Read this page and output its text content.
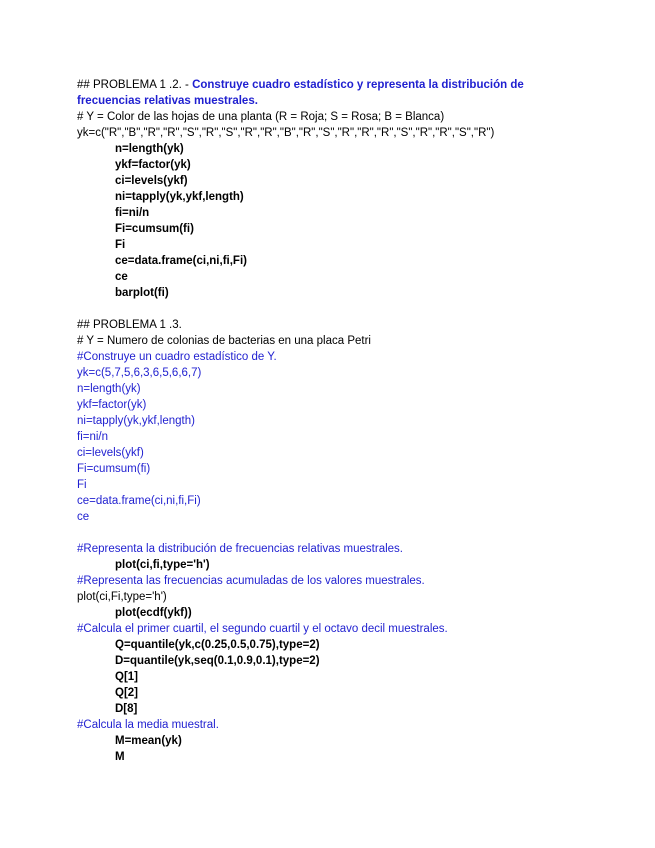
## PROBLEMA 1 .2. - Construye cuadro estadístico y representa la distribución de
frecuencias relativas muestrales.
# Y = Color de las hojas de una planta (R = Roja; S = Rosa; B = Blanca)
yk=c("R","B","R","R","S","R","S","R","R","B","R","S","R","R","R","S","R","R","S","R")
n=length(yk)
ykf=factor(yk)
ci=levels(ykf)
ni=tapply(yk,ykf,length)
fi=ni/n
Fi=cumsum(fi)
Fi
ce=data.frame(ci,ni,fi,Fi)
ce
barplot(fi)
## PROBLEMA 1 .3.
# Y = Numero de colonias de bacterias en una placa Petri
#Construye un cuadro estadístico de Y.
yk=c(5,7,5,6,3,6,5,6,6,7)
n=length(yk)
ykf=factor(yk)
ni=tapply(yk,ykf,length)
fi=ni/n
ci=levels(ykf)
Fi=cumsum(fi)
Fi
ce=data.frame(ci,ni,fi,Fi)
ce
#Representa la distribución de frecuencias relativas muestrales.
plot(ci,fi,type='h')
#Representa las frecuencias acumuladas de los valores muestrales.
plot(ci,Fi,type='h')
plot(ecdf(ykf))
#Calcula el primer cuartil, el segundo cuartil y el octavo decil muestrales.
Q=quantile(yk,c(0.25,0.5,0.75),type=2)
D=quantile(yk,seq(0.1,0.9,0.1),type=2)
Q[1]
Q[2]
D[8]
#Calcula la media muestral.
M=mean(yk)
M
